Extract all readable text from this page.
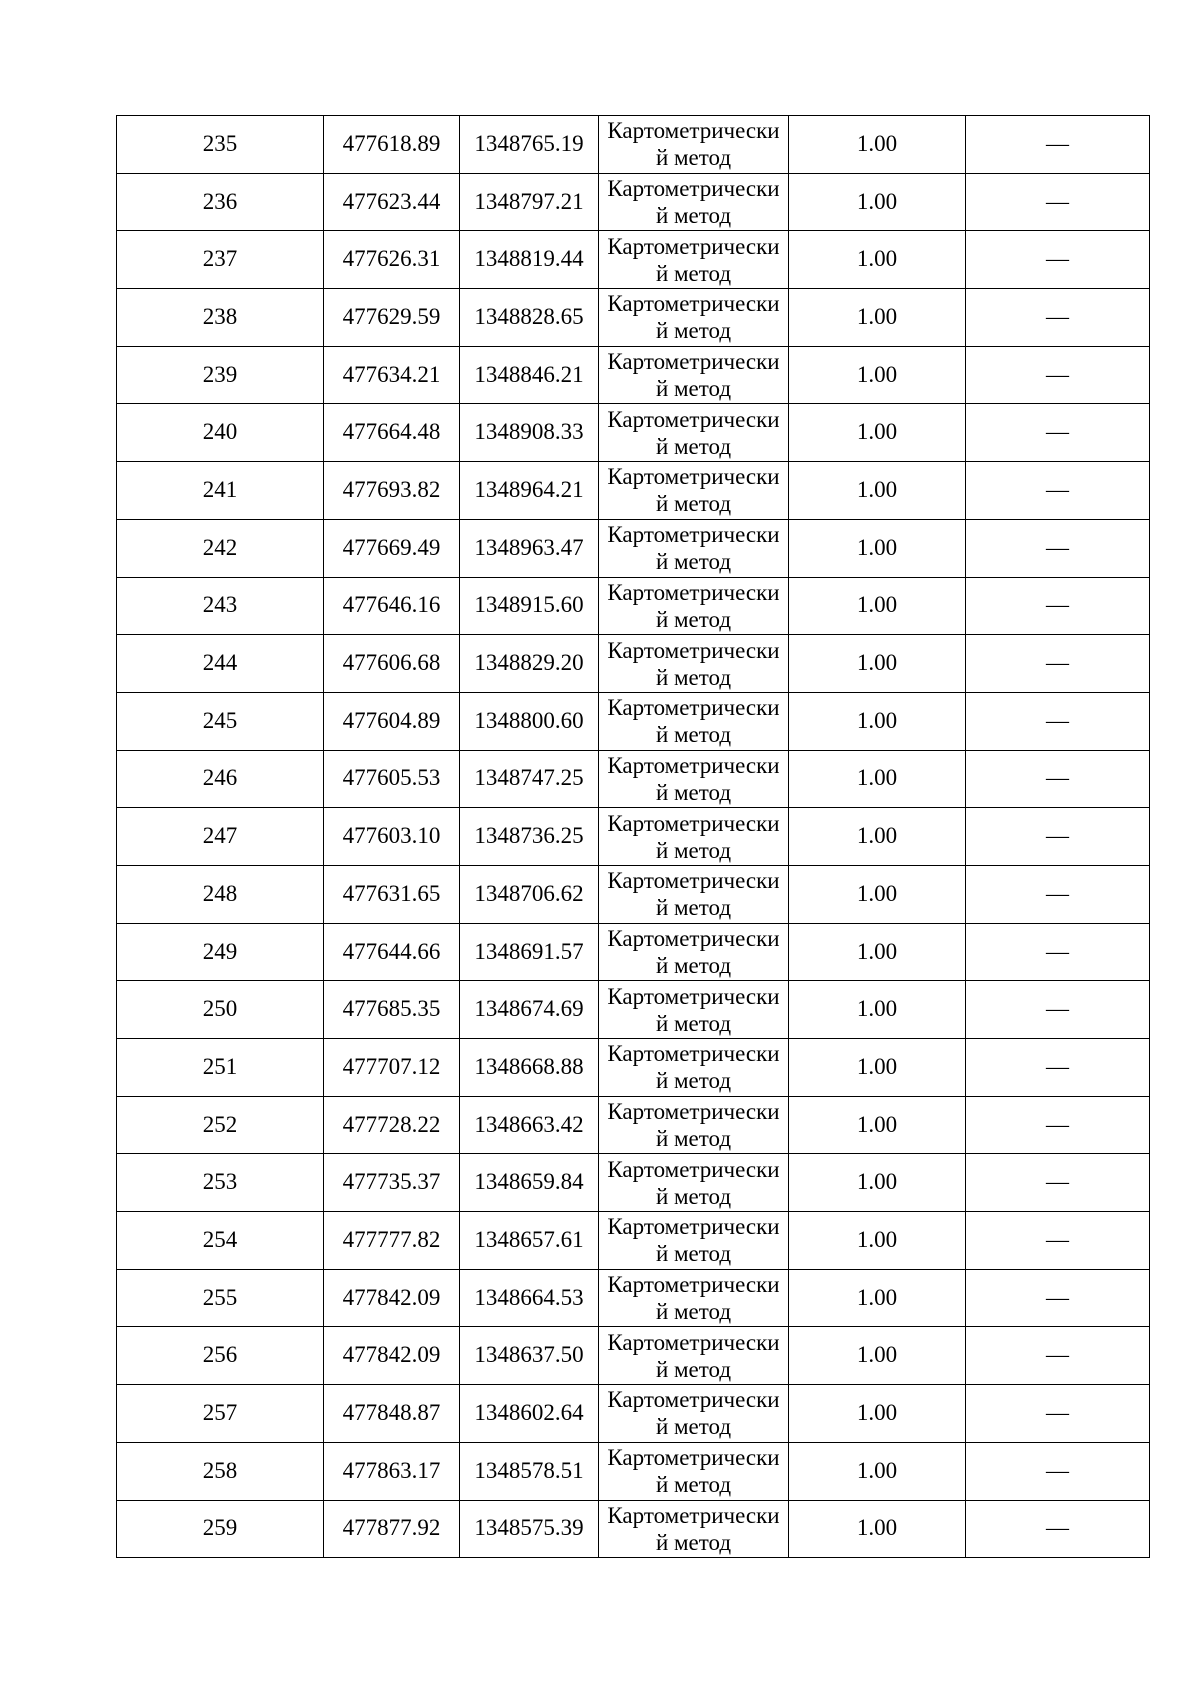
235	477618.89	1348765.19	Картометрически
й метод	1.00	—
236	477623.44	1348797.21	Картометрически
й метод	1.00	—
237	477626.31	1348819.44	Картометрически
й метод	1.00	—
238	477629.59	1348828.65	Картометрически
й метод	1.00	—
239	477634.21	1348846.21	Картометрически
й метод	1.00	—
240	477664.48	1348908.33	Картометрически
й метод	1.00	—
241	477693.82	1348964.21	Картометрически
й метод	1.00	—
242	477669.49	1348963.47	Картометрически
й метод	1.00	—
243	477646.16	1348915.60	Картометрически
й метод	1.00	—
244	477606.68	1348829.20	Картометрически
й метод	1.00	—
245	477604.89	1348800.60	Картометрически
й метод	1.00	—
246	477605.53	1348747.25	Картометрически
й метод	1.00	—
247	477603.10	1348736.25	Картометрически
й метод	1.00	—
248	477631.65	1348706.62	Картометрически
й метод	1.00	—
249	477644.66	1348691.57	Картометрически
й метод	1.00	—
250	477685.35	1348674.69	Картометрически
й метод	1.00	—
251	477707.12	1348668.88	Картометрически
й метод	1.00	—
252	477728.22	1348663.42	Картометрически
й метод	1.00	—
253	477735.37	1348659.84	Картометрически
й метод	1.00	—
254	477777.82	1348657.61	Картометрически
й метод	1.00	—
255	477842.09	1348664.53	Картометрически
й метод	1.00	—
256	477842.09	1348637.50	Картометрически
й метод	1.00	—
257	477848.87	1348602.64	Картометрически
й метод	1.00	—
258	477863.17	1348578.51	Картометрически
й метод	1.00	—
259	477877.92	1348575.39	Картометрически
й метод	1.00	—
